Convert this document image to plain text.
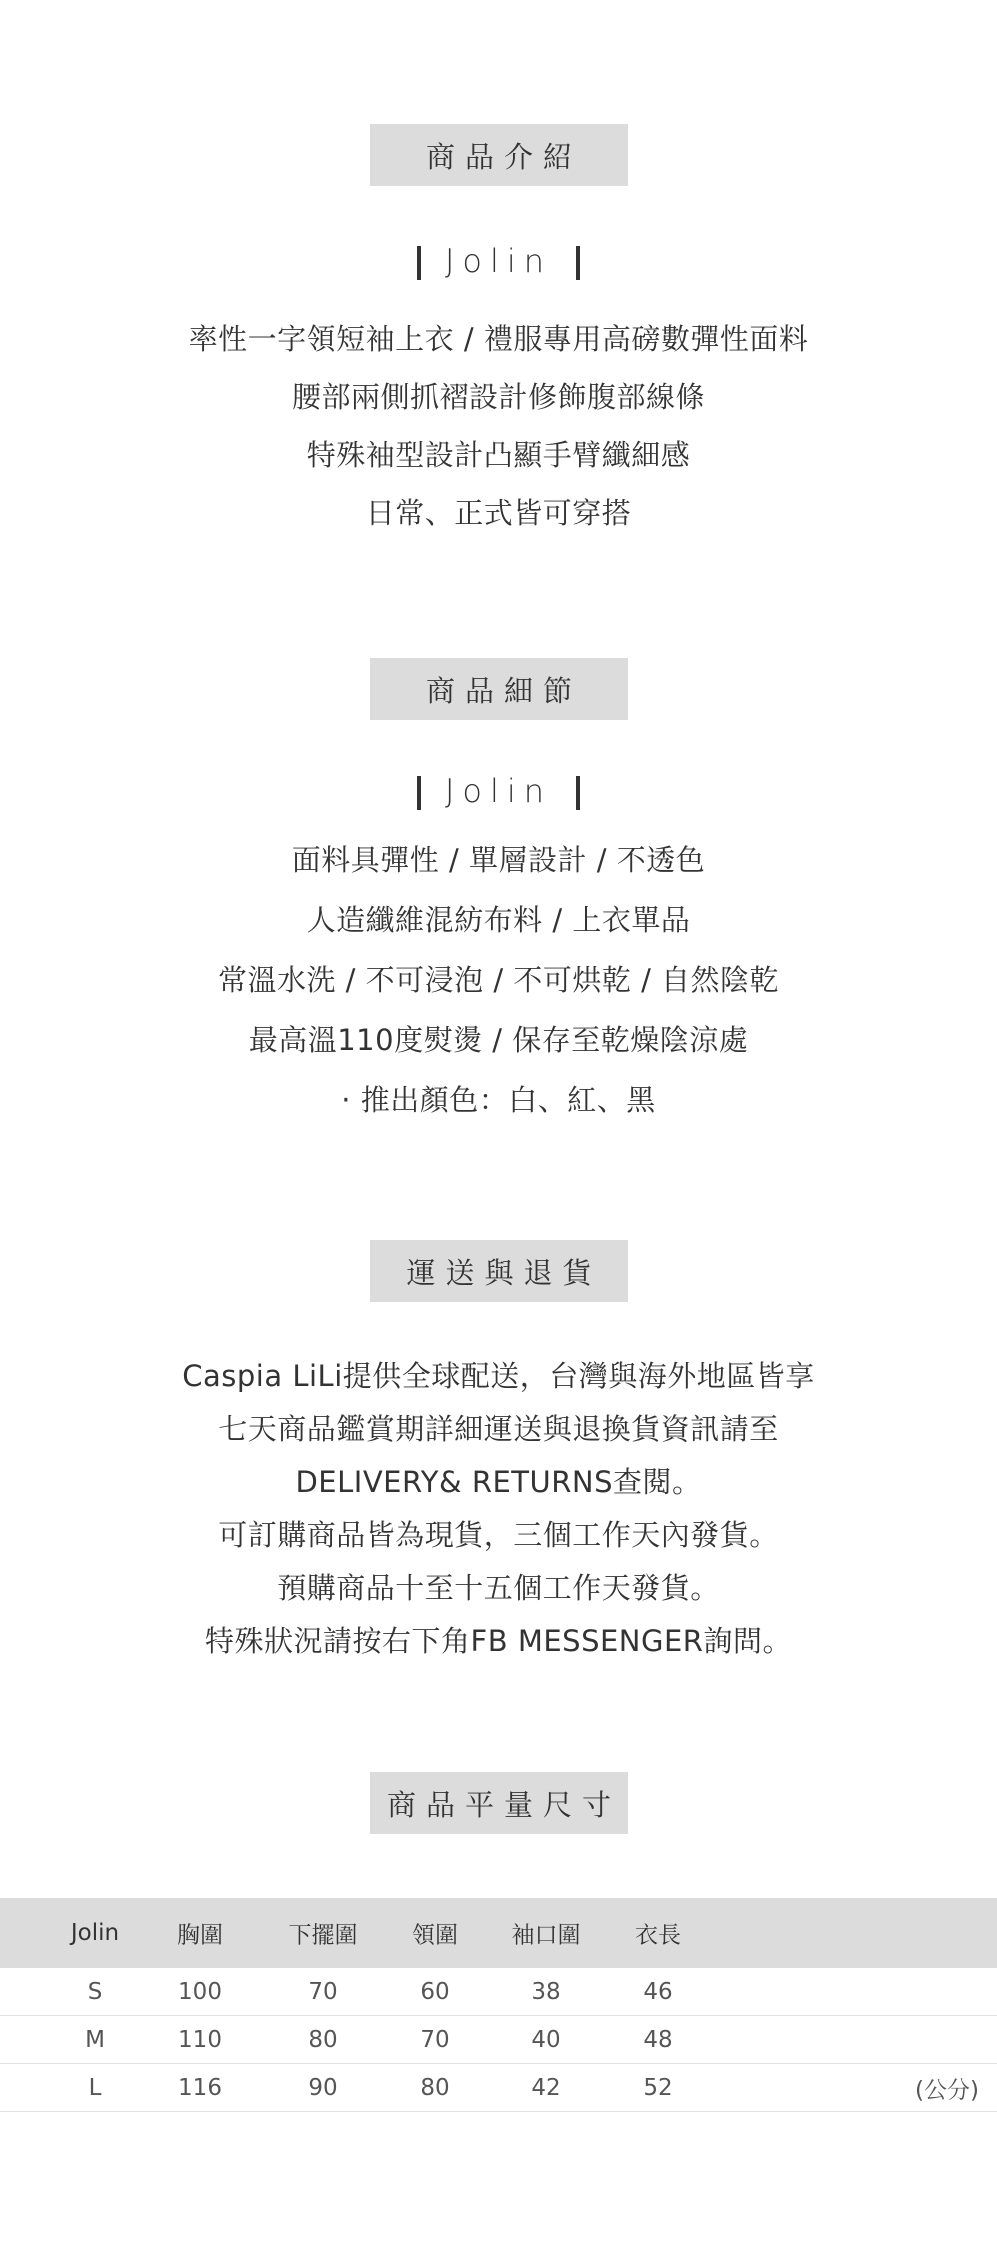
商品介紹
Jolin
率性一字領短袖上衣 / 禮服專用高磅數彈性面料
腰部兩側抓褶設計修飾腹部線條
特殊袖型設計凸顯手臂纖細感
日常、正式皆可穿搭
商品細節
Jolin
面料具彈性 / 單層設計 / 不透色
人造纖維混紡布料 / 上衣單品
常溫水洗 / 不可浸泡 / 不可烘乾 / 自然陰乾
最高溫110度熨燙 / 保存至乾燥陰涼處
· 推出顏色：白、紅、黑
運送與退貨
Caspia LiLi提供全球配送，台灣與海外地區皆享
七天商品鑑賞期詳細運送與退換貨資訊請至
DELIVERY& RETURNS查閱。
可訂購商品皆為現貨，三個工作天內發貨。
預購商品十至十五個工作天發貨。
特殊狀況請按右下角FB MESSENGER詢問。
商品平量尺寸
Jolin	胸圍	下擺圍	領圍	袖口圍	衣長
S	100	70	60	38	46
M	110	80	70	40	48
L	116	90	80	42	52	(公分)
